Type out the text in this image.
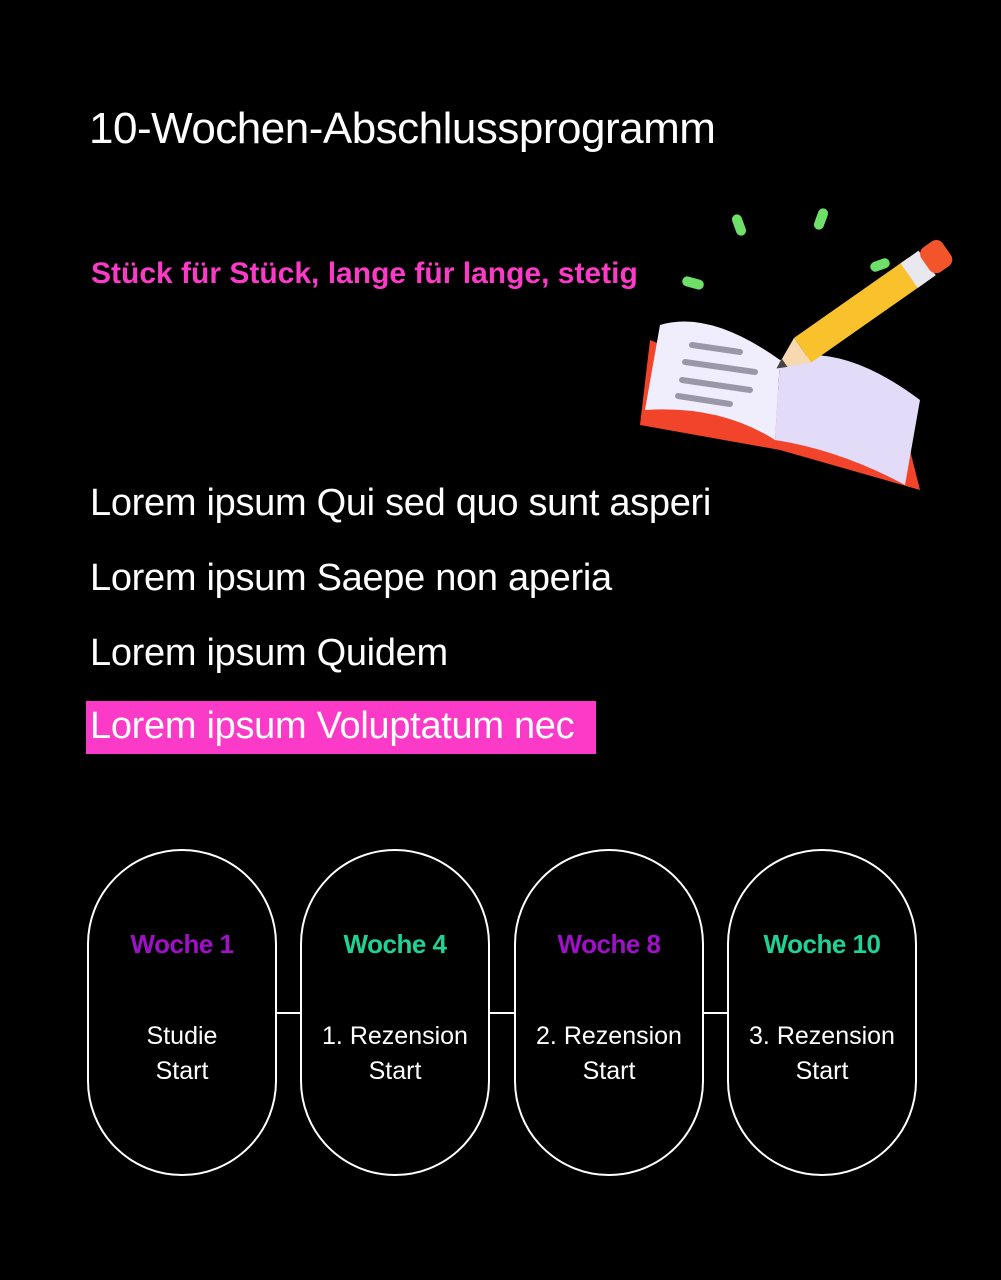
10-Wochen-Abschlussprogramm
Stück für Stück, lange für lange, stetig
Lorem ipsum Qui sed quo sunt asperi
Lorem ipsum Saepe non aperia
Lorem ipsum Quidem
Lorem ipsum Voluptatum nec
Woche 1
Studie
Start
Woche 4
1. Rezension
Start
Woche 8
2. Rezension
Start
Woche 10
3. Rezension
Start
